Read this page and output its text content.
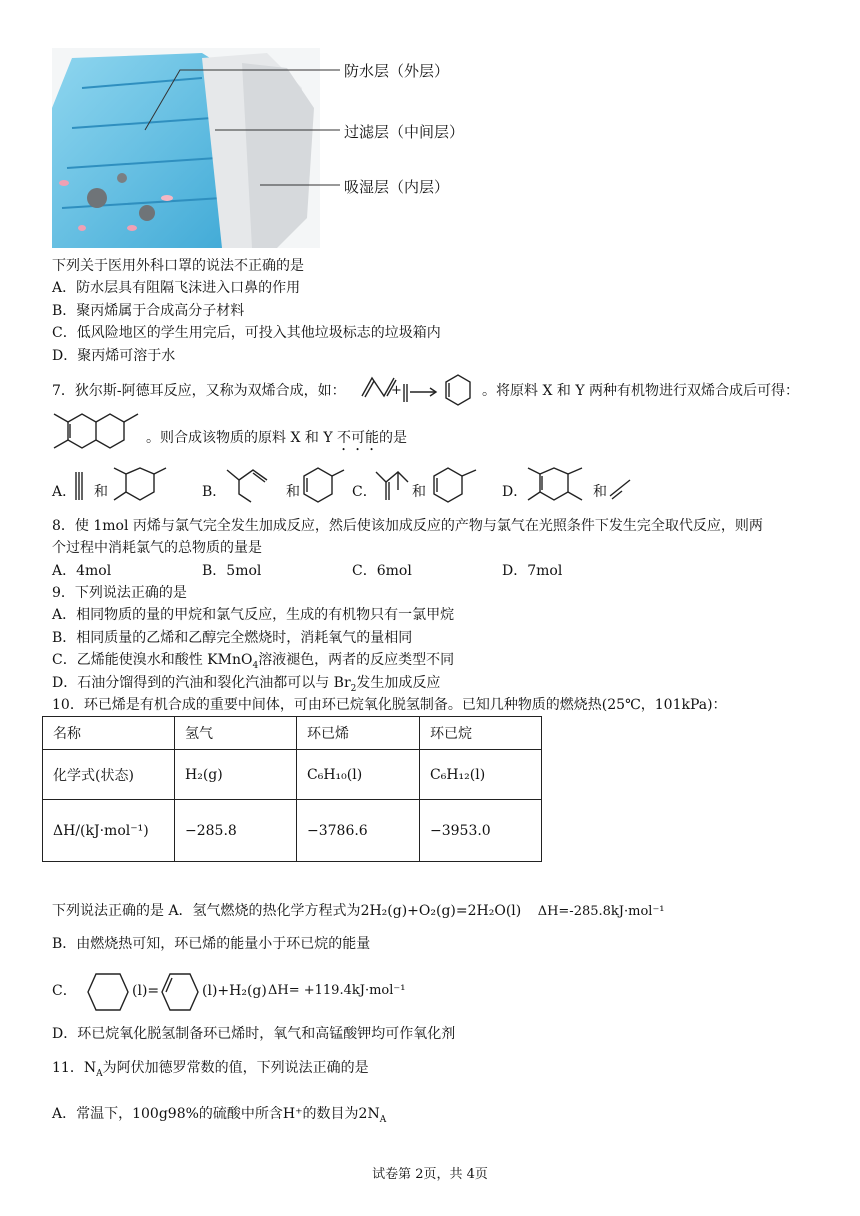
防水层（外层）
过滤层（中间层）
吸湿层（内层）
下列关于医用外科口罩的说法不正确的是
A．防水层具有阻隔飞沫进入口鼻的作用
B．聚丙烯属于合成高分子材料
C．低风险地区的学生用完后，可投入其他垃圾标志的垃圾箱内
D．聚丙烯可溶于水
7．狄尔斯-阿德耳反应，又称为双烯合成，如：	+	。将原料 X 和 Y 两种有机物进行双烯合成后可得：
。则合成该物质的原料 X 和 Y 不可能的是
A． 和	B．	和	C．	和	D．	和
8．使 1mol 丙烯与氯气完全发生加成反应，然后使该加成反应的产物与氯气在光照条件下发生完全取代反应，则两
个过程中消耗氯气的总物质的量是
A．4mol	B．5mol	C．6mol	D．7mol
9．下列说法正确的是
A．相同物质的量的甲烷和氯气反应，生成的有机物只有一氯甲烷
B．相同质量的乙烯和乙醇完全燃烧时，消耗氧气的量相同
C．乙烯能使溴水和酸性 KMnO$_4$溶液褪色，两者的反应类型不同
D．石油分馏得到的汽油和裂化汽油都可以与 $Br_2$发生加成反应
10．环已烯是有机合成的重要中间体，可由环已烷氧化脱氢制备。已知几种物质的燃烧热(25℃，101kPa)：
名称	氢气	环已烯	环已烷
化学式(状态)	H₂(g)	C₆H₁₀(l)	C₆H₁₂(l)
ΔH/(kJ·mol⁻¹)	−285.8	−3786.6	−3953.0
下列说法正确的是 A．氢气燃烧的热化学方程式为2H₂(g)+O₂(g)=2H₂O(l) ΔH=-285.8kJ·mol⁻¹
B．由燃烧热可知，环已烯的能量小于环已烷的能量
C．	(l)=	(l)+H₂(g) ΔH= +119.4kJ·mol⁻¹
D．环已烷氧化脱氢制备环已烯时，氧气和高锰酸钾均可作氧化剂
11．$N_A$为阿伏加德罗常数的值，下列说法正确的是
A．常温下，100g98%的硫酸中所含H⁺的数目为$2N_A$
试卷第 2页，共 4页
